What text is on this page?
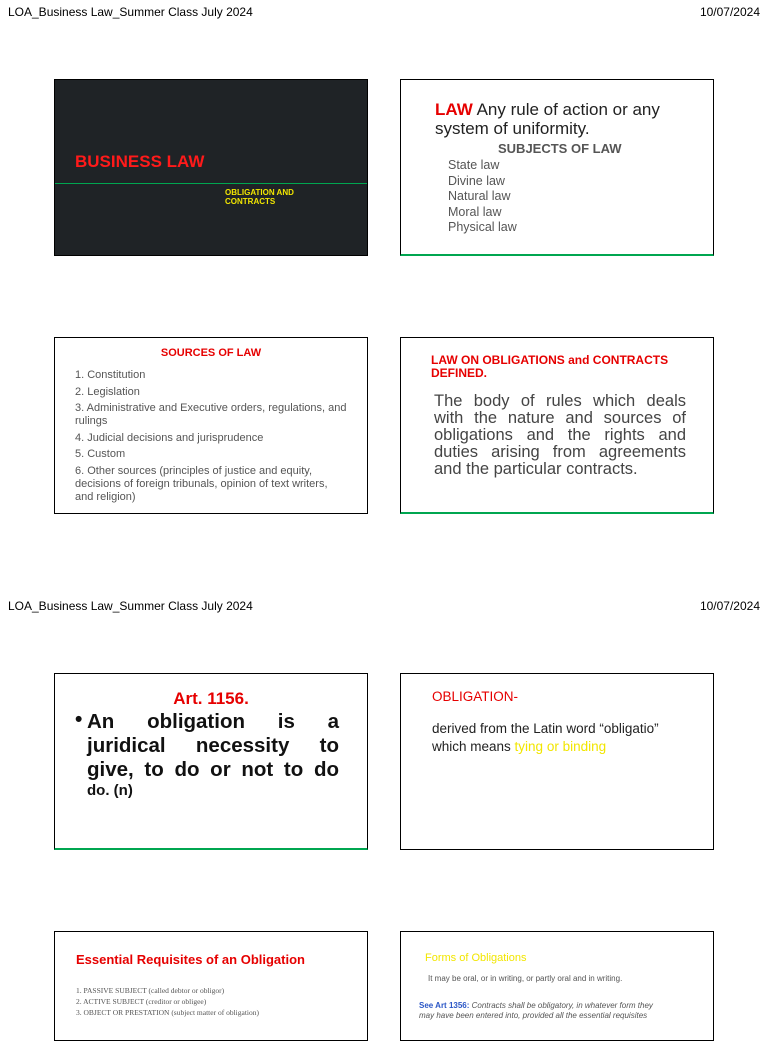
LOA_Business Law_Summer Class July 2024	10/07/2024
BUSINESS LAW
OBLIGATION AND
CONTRACTS
LAW Any rule of action or any
system of uniformity.
SUBJECTS OF LAW
State law
Divine law
Natural law
Moral law
Physical law
SOURCES OF LAW
1. Constitution
2. Legislation
3. Administrative and Executive orders, regulations, and rulings
4. Judicial decisions and jurisprudence
5. Custom
6. Other sources (principles of justice and equity, decisions of foreign tribunals, opinion of text writers, and religion)
LAW ON OBLIGATIONS and CONTRACTS DEFINED.
The body of rules which deals with the nature and sources of obligations and the rights and duties arising from agreements and the particular contracts.
LOA_Business Law_Summer Class July 2024	10/07/2024
Art. 1156.
• An obligation is a
juridical necessity to
give, to do or not to do
do. (n)
OBLIGATION-
derived from the Latin word “obligatio”
which means tying or binding
Essential Requisites of an Obligation
1. PASSIVE SUBJECT (called debtor or obligor)
2. ACTIVE SUBJECT (creditor or obligee)
3. OBJECT OR PRESTATION (subject matter of obligation)
Forms of Obligations
It may be oral, or in writing, or partly oral and in writing.
See Art 1356: Contracts shall be obligatory, in whatever form they
may have been entered into, provided all the essential requisites
